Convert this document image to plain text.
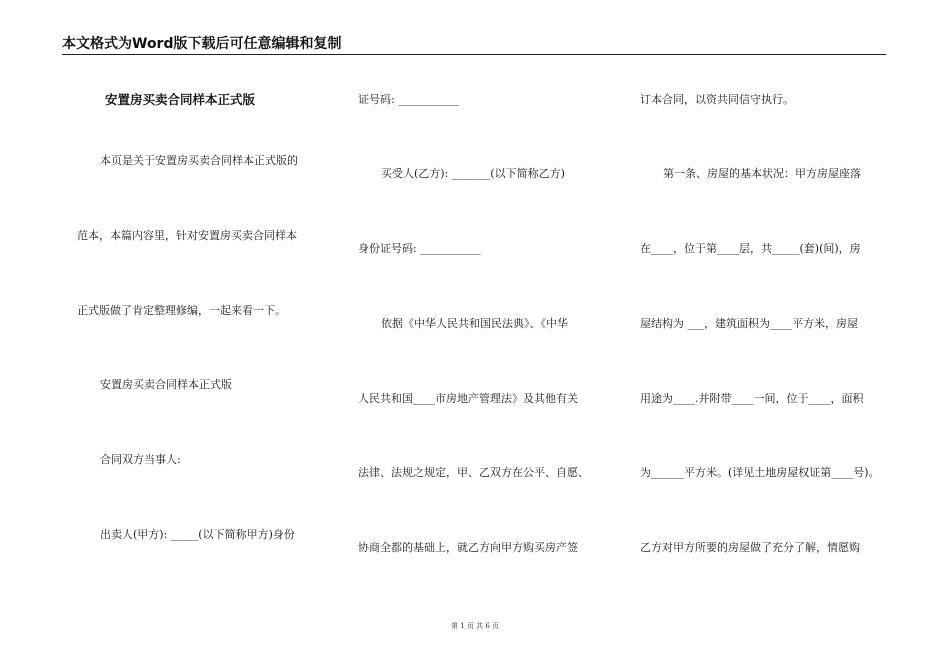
本文格式为Word版下载后可任意编辑和复制
安置房买卖合同样本正式版
本页是关于安置房买卖合同样本正式版的
范本，本篇内容里，针对安置房买卖合同样本
正式版做了肯定整理修编，一起来看一下。
安置房买卖合同样本正式版
合同双方当事人:
出卖人(甲方): _____(以下简称甲方)身份
证号码: ___________
买受人(乙方): _______(以下简称乙方)
身份证号码: ___________
依据《中华人民共和国民法典》、《中华
人民共和国____市房地产管理法》及其他有关
法律、法规之规定，甲、乙双方在公平、自愿、
协商全都的基础上，就乙方向甲方购买房产签
订本合同，以资共同信守执行。
第一条、房屋的基本状况：甲方房屋座落
在____，位于第____层，共_____(套)(间)，房
屋结构为 ___，建筑面积为____平方米，房屋
用途为____.并附带____一间，位于____，面积
为______平方米。(详见土地房屋权证第____号)。
乙方对甲方所要的房屋做了充分了解，情愿购
第 1 页 共 6 页
